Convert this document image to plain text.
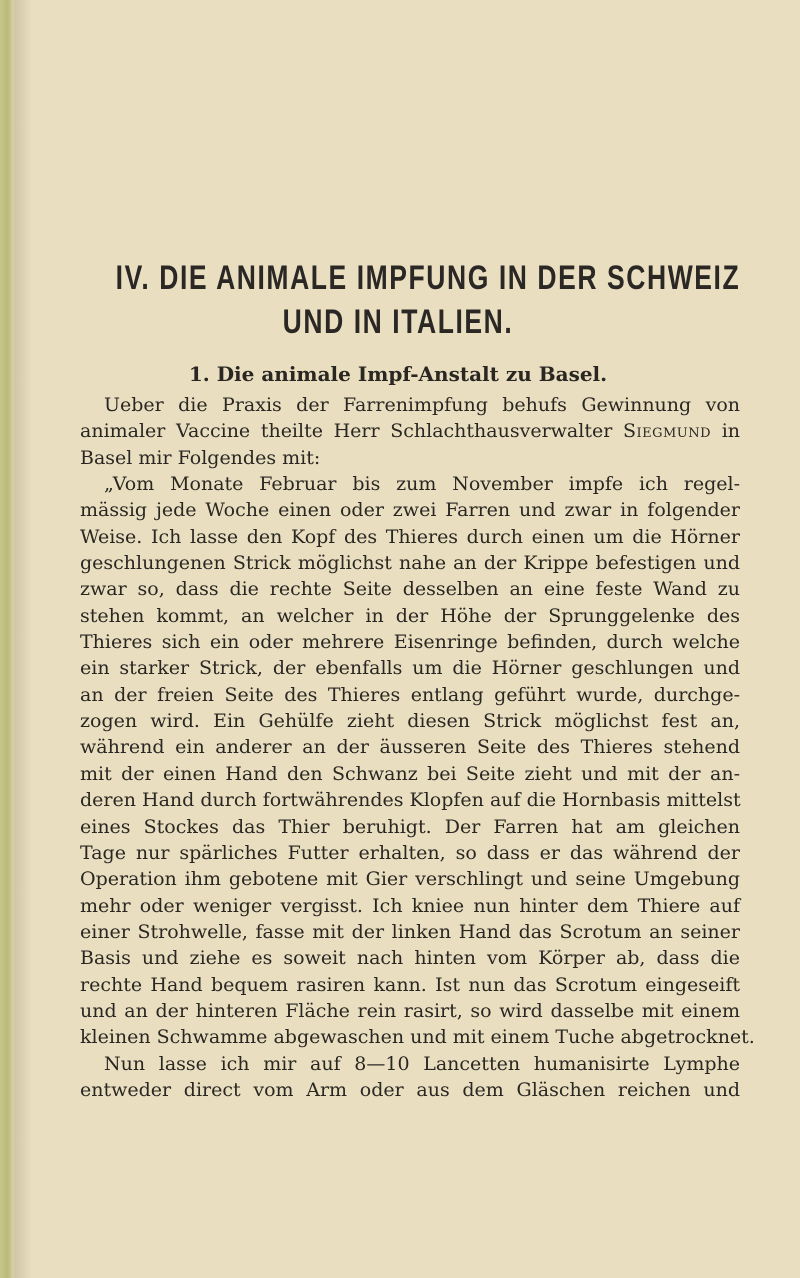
IV. DIE ANIMALE IMPFUNG IN DER SCHWEIZ
UND IN ITALIEN.
1. Die animale Impf-Anstalt zu Basel.
Ueber die Praxis der Farrenimpfung behufs Gewinnung von
animaler Vaccine theilte Herr Schlachthausverwalter Siegmund in
Basel mir Folgendes mit:
„Vom Monate Februar bis zum November impfe ich regel-
mässig jede Woche einen oder zwei Farren und zwar in folgender
Weise. Ich lasse den Kopf des Thieres durch einen um die Hörner
geschlungenen Strick möglichst nahe an der Krippe befestigen und
zwar so, dass die rechte Seite desselben an eine feste Wand zu
stehen kommt, an welcher in der Höhe der Sprunggelenke des
Thieres sich ein oder mehrere Eisenringe befinden, durch welche
ein starker Strick, der ebenfalls um die Hörner geschlungen und
an der freien Seite des Thieres entlang geführt wurde, durchge-
zogen wird. Ein Gehülfe zieht diesen Strick möglichst fest an,
während ein anderer an der äusseren Seite des Thieres stehend
mit der einen Hand den Schwanz bei Seite zieht und mit der an-
deren Hand durch fortwährendes Klopfen auf die Hornbasis mittelst
eines Stockes das Thier beruhigt. Der Farren hat am gleichen
Tage nur spärliches Futter erhalten, so dass er das während der
Operation ihm gebotene mit Gier verschlingt und seine Umgebung
mehr oder weniger vergisst. Ich kniee nun hinter dem Thiere auf
einer Strohwelle, fasse mit der linken Hand das Scrotum an seiner
Basis und ziehe es soweit nach hinten vom Körper ab, dass die
rechte Hand bequem rasiren kann. Ist nun das Scrotum eingeseift
und an der hinteren Fläche rein rasirt, so wird dasselbe mit einem
kleinen Schwamme abgewaschen und mit einem Tuche abgetrocknet.
Nun lasse ich mir auf 8—10 Lancetten humanisirte Lymphe
entweder direct vom Arm oder aus dem Gläschen reichen und
